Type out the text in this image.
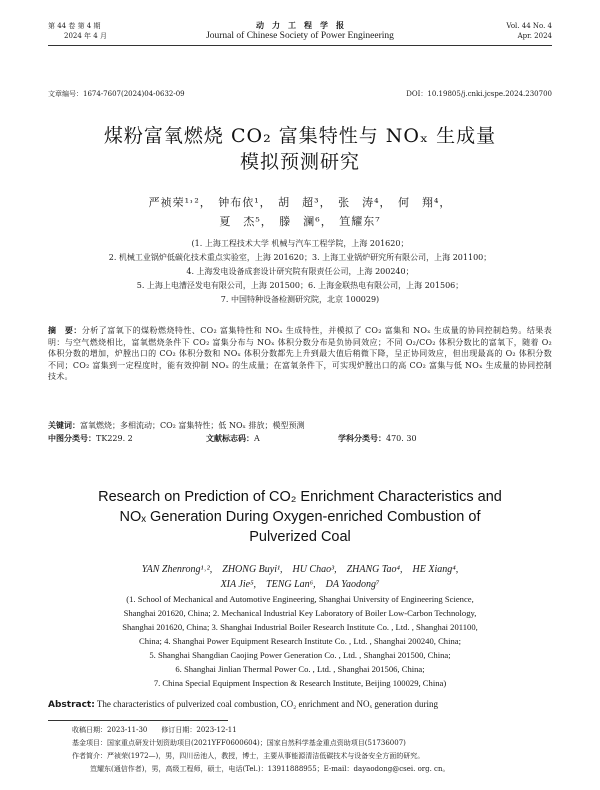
第 44 卷 第 4 期
2024 年 4 月
动　力　工　程　学　报
Journal of Chinese Society of Power Engineering
Vol. 44 No. 4
Apr. 2024
文章编号：1674-7607(2024)04-0632-09	DOI：10.19805/j.cnki.jcspe.2024.230700
煤粉富氧燃烧 CO₂ 富集特性与 NOₓ 生成量
模拟预测研究
严祯荣¹˒²，　钟布依¹，　胡　超³，　张　涛⁴，　何　翔⁴，
夏　杰⁵，　滕　澜⁶，　笪耀东⁷
(1. 上海工程技术大学 机械与汽车工程学院，上海 201620；
2. 机械工业锅炉低碳化技术重点实验室，上海 201620；3. 上海工业锅炉研究所有限公司，上海 201100；
4. 上海发电设备成套设计研究院有限责任公司，上海 200240；
5. 上海上电漕泾发电有限公司，上海 201500；6. 上海金联热电有限公司，上海 201506；
7. 中国特种设备检测研究院，北京 100029)
摘　要：分析了富氧下的煤粉燃烧特性、CO₂ 富集特性和 NOₓ 生成特性，并模拟了 CO₂ 富集和 NOₓ 生成量的协同控制趋势。结果表明：与空气燃烧相比，富氧燃烧条件下 CO₂ 富集分布与 NOₓ 体积分数分布是负协同效应；不同 O₂/CO₂ 体积分数比的富氧下，随着 O₂ 体积分数的增加，炉膛出口的 CO₂ 体积分数和 NOₓ 体积分数都先上升到最大值后稍微下降，呈正协同效应，但出现最高的 O₂ 体积分数不同；CO₂ 富集到一定程度时，能有效抑制 NOₓ 的生成量；在富氧条件下，可实现炉膛出口的高 CO₂ 富集与低 NOₓ 生成量的协同控制技术。
关键词：富氧燃烧；多相流动；CO₂ 富集特性；低 NOₓ 排放；模型预测
中图分类号：TK229. 2	文献标志码：A	学科分类号：470. 30
Research on Prediction of CO₂ Enrichment Characteristics and
NOₓ Generation During Oxygen-enriched Combustion of
Pulverized Coal
YAN Zhenrong¹˒²,　ZHONG Buyi¹,　HU Chao³,　ZHANG Tao⁴,　HE Xiang⁴,
XIA Jie⁵,　TENG Lan⁶,　DA Yaodong⁷
(1. School of Mechanical and Automotive Engineering, Shanghai University of Engineering Science,
Shanghai 201620, China; 2. Mechanical Industrial Key Laboratory of Boiler Low-Carbon Technology,
Shanghai 201620, China; 3. Shanghai Industrial Boiler Research Institute Co. , Ltd. , Shanghai 201100,
China; 4. Shanghai Power Equipment Research Institute Co. , Ltd. , Shanghai 200240, China;
5. Shanghai Shangdian Caojing Power Generation Co. , Ltd. , Shanghai 201500, China;
6. Shanghai Jinlian Thermal Power Co. , Ltd. , Shanghai 201506, China;
7. China Special Equipment Inspection & Research Institute, Beijing 100029, China)
Abstract: The characteristics of pulverized coal combustion, CO₂ enrichment and NOₓ generation during
收稿日期：2023-11-30　　修订日期：2023-12-11
基金项目：国家重点研发计划资助项目(2021YFF0600604)；国家自然科学基金重点资助项目(51736007)
作者简介：严祯荣(1972—)，男，四川岳池人，教授，博士，主要从事能源清洁低碳技术与设备安全方面的研究。
笪耀东(通信作者)，男，高级工程师，硕士，电话(Tel.)：13911888955；E-mail：dayaodong@csei. org. cn。
